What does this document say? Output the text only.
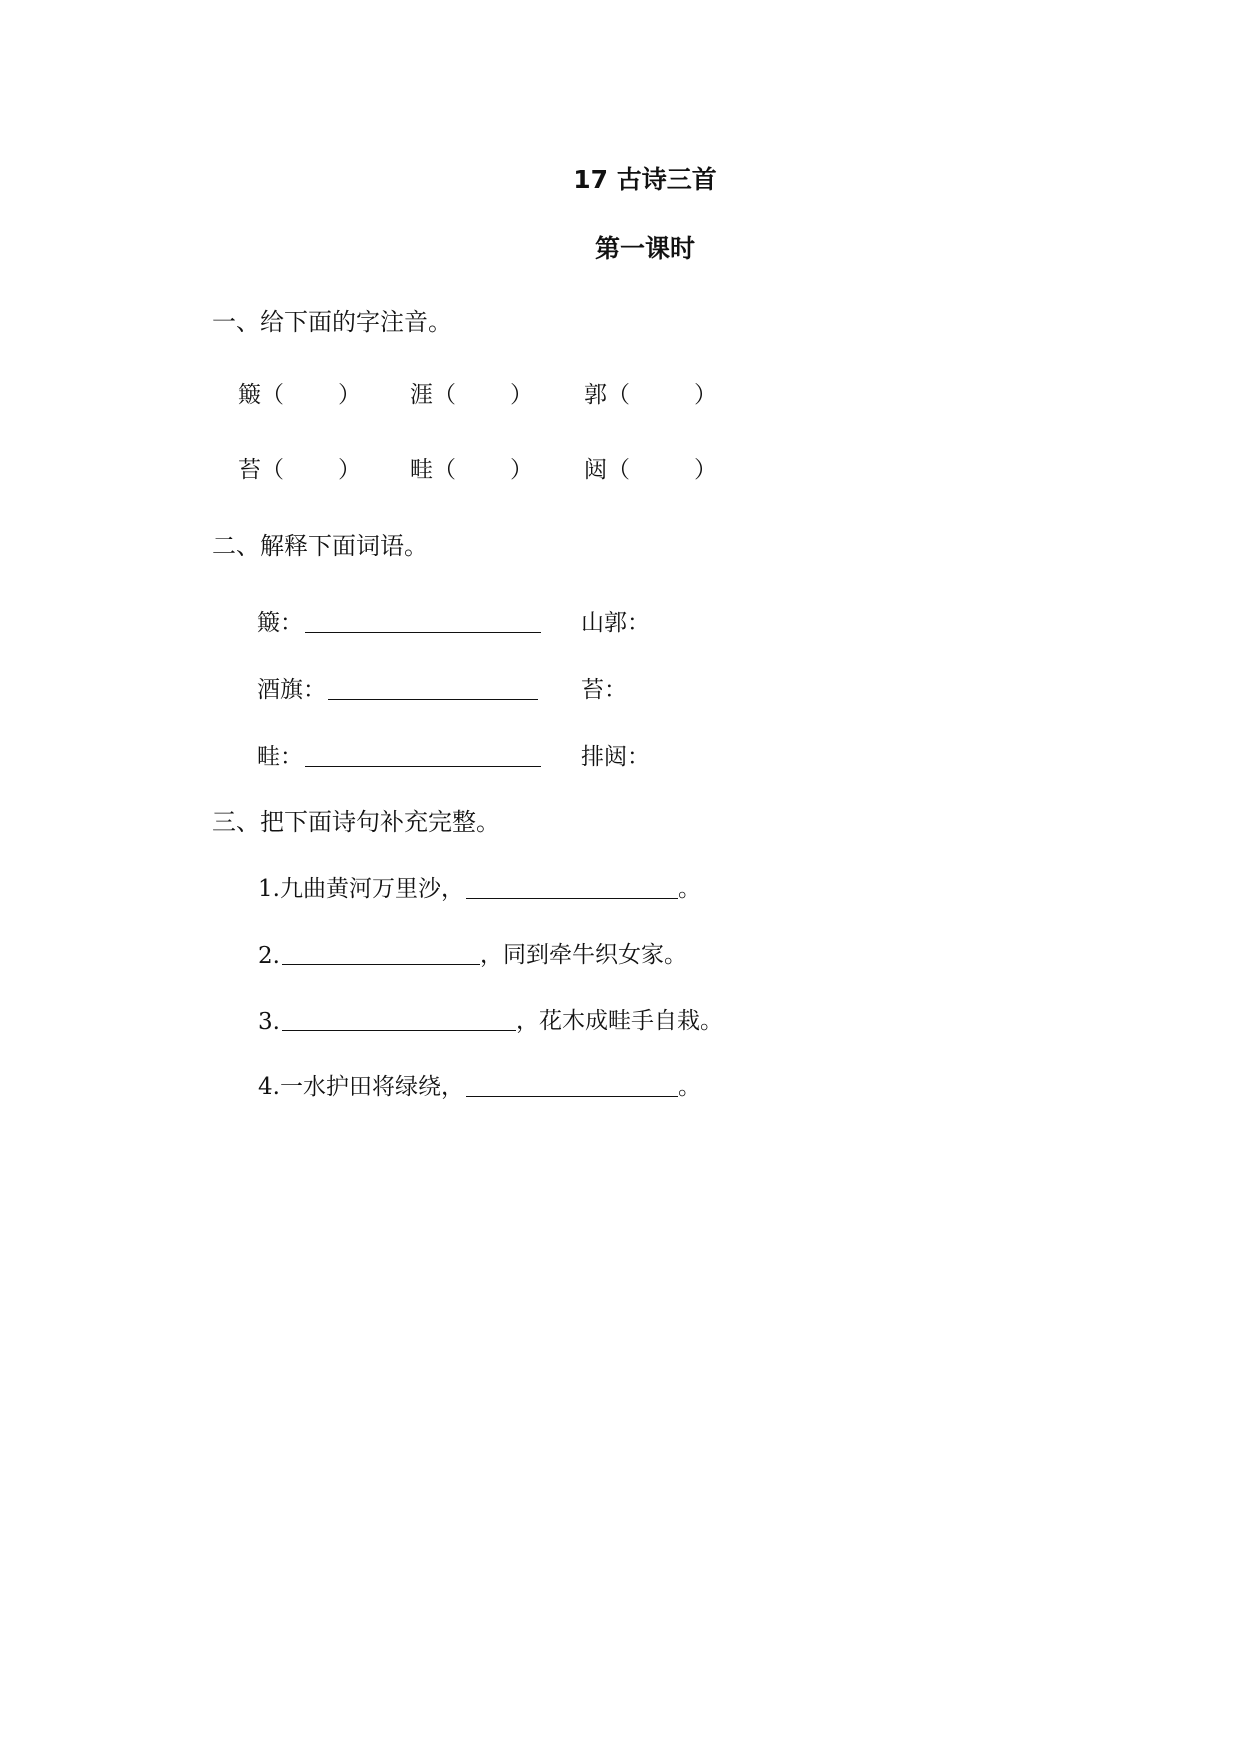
17 古诗三首
第一课时
一、给下面的字注音。
簸（ ） 涯（ ） 郭（	）
苔（ ） 畦（ ） 闼（	）
二、解释下面词语。
簸：	山郭：
酒旗：	苔：
畦：	排闼：
三、把下面诗句补充完整。
1.九曲黄河万里沙，	。
2.	，同到牵牛织女家。
3.	，花木成畦手自栽。
4.一水护田将绿绕，	。
